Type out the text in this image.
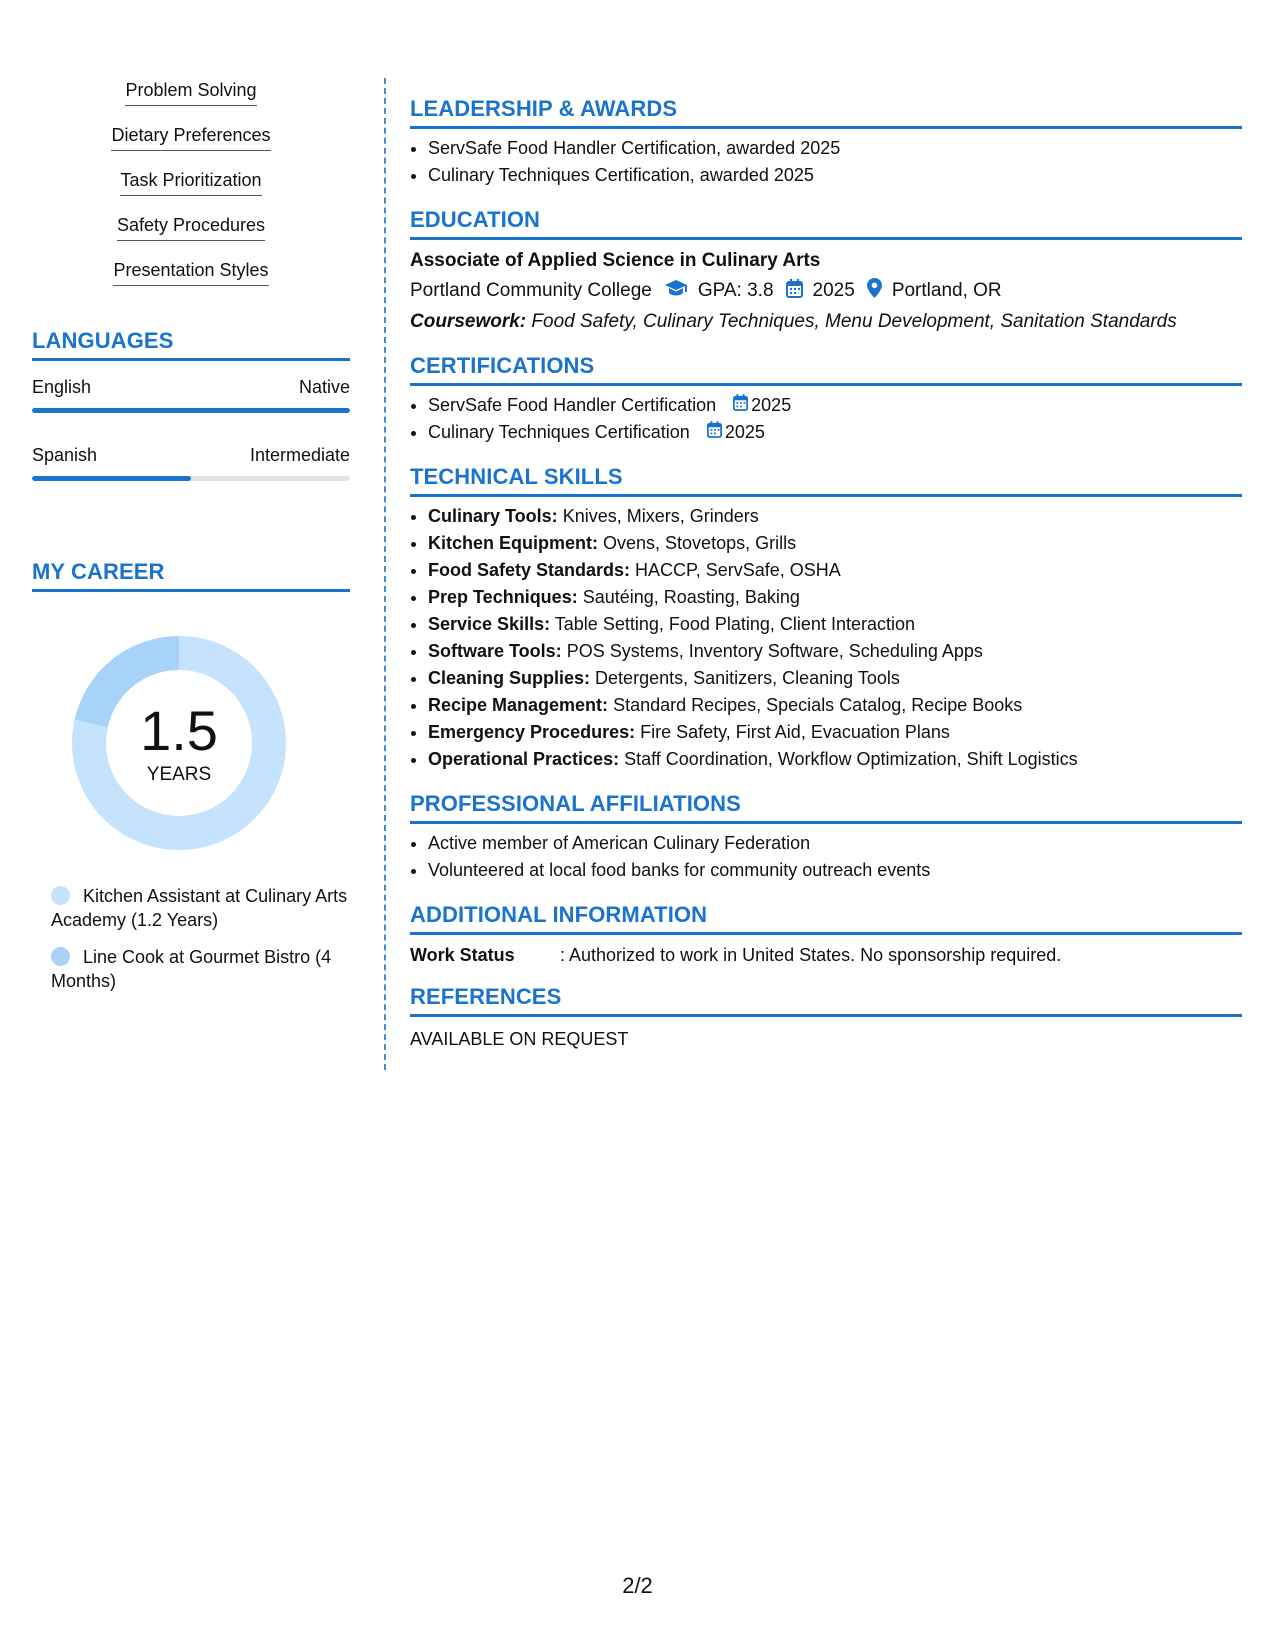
Problem Solving
Dietary Preferences
Task Prioritization
Safety Procedures
Presentation Styles
LANGUAGES
English	Native
Spanish	Intermediate
MY CAREER
1.5
YEARS
Kitchen Assistant at Culinary Arts Academy (1.2 Years)
Line Cook at Gourmet Bistro (4 Months)
LEADERSHIP & AWARDS
• ServSafe Food Handler Certification, awarded 2025
• Culinary Techniques Certification, awarded 2025
EDUCATION
Associate of Applied Science in Culinary Arts
Portland Community College GPA: 3.8 2025 Portland, OR
Coursework: Food Safety, Culinary Techniques, Menu Development, Sanitation Standards
CERTIFICATIONS
• ServSafe Food Handler Certification 2025
• Culinary Techniques Certification 2025
TECHNICAL SKILLS
• Culinary Tools: Knives, Mixers, Grinders
• Kitchen Equipment: Ovens, Stovetops, Grills
• Food Safety Standards: HACCP, ServSafe, OSHA
• Prep Techniques: Sautéing, Roasting, Baking
• Service Skills: Table Setting, Food Plating, Client Interaction
• Software Tools: POS Systems, Inventory Software, Scheduling Apps
• Cleaning Supplies: Detergents, Sanitizers, Cleaning Tools
• Recipe Management: Standard Recipes, Specials Catalog, Recipe Books
• Emergency Procedures: Fire Safety, First Aid, Evacuation Plans
• Operational Practices: Staff Coordination, Workflow Optimization, Shift Logistics
PROFESSIONAL AFFILIATIONS
• Active member of American Culinary Federation
• Volunteered at local food banks for community outreach events
ADDITIONAL INFORMATION
Work Status	: Authorized to work in United States. No sponsorship required.
REFERENCES
AVAILABLE ON REQUEST
2/2
